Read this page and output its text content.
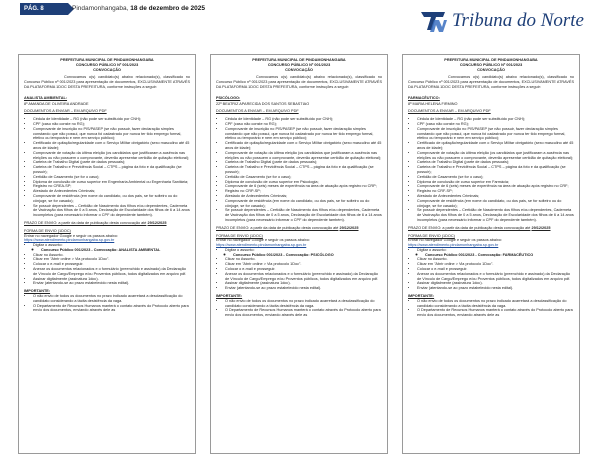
PÁG. 8	Pindamonhangaba, 18 de dezembro de 2025
Tribuna do Norte

PREFEITURA MUNICIPAL DE PINDAMONHANGABA

CONCURSO PÚBLICO Nº 001/2023

CONVOCAÇÃO

Convocamos o(s) candidato(s) abaixo relacionado(s), classificado no Concurso Público nº 001/2023 para apresentação de documentos, EXCLUSIVAMENTE ATRAVÉS DA PLATAFORMA 1DOC DESTA PREFEITURA, conforme instruções a seguir:

ANALISTA AMBIENTAL:

8º AMANDA DE OLIVEIRA ANDRADE

DOCUMENTOS A ENVIAR – EM ARQUIVO PDF

• Cédula de Identidade – RG (não pode ser substituído por CNH);
• CPF (caso não conste no RG);
• Comprovante de inscrição no PIS/PASEP (se não possuir, fazer declaração simples constando que não possui, que nunca foi cadastrado por nunca ter tido emprego formal, efetivo ou temporário e nem em serviço público);
• Certificado de quitação/regularidade com o Serviço Militar obrigatório (sexo masculino até 45 anos de idade);
• Comprovante de votação da última eleição (os candidatos que justificaram a ausência nas eleições ou não possuem o comprovante, deverão apresentar certidão de quitação eleitoral);
• Carteira de Trabalho Digital (parte de dados pessoais);
• Carteira de Trabalho e Previdência Social – CTPS – página da foto e da qualificação (se possuir);
• Certidão de Casamento (se for o caso);
• Diploma de conclusão de curso superior em Engenharia Ambiental ou Engenharia Sanitária;
• Registro no CREA-SP;
• Atestado de Antecedentes Criminais;
• Comprovante de residência (em nome do candidato, ou dos pais, se for solteiro ou do cônjuge, se for casado);
• Se possuir dependentes – Certidão de Nascimento dos filhos e/ou dependentes, Caderneta de Vacinação dos filhos de 0 a 5 anos, Declaração de Escolaridade dos filhos de 6 a 14 anos incompletos (para necessário informar o CPF do dependente também).

PRAZO DE ENVIO: a partir da data de publicação desta convocação até 29/12/2025

FORMA DE ENVIO (1DOC)

Entrar no navegador Google e seguir os passos abaixo:

https://www.atendimento.pindamonhangaba.sp.gov.br

• Digitar o assunto:
◦ Concurso Público 001/2023 - Convocação: ANALISTA AMBIENTAL
• Clicar no Assunto.
• Clicar em "Abrir online > Via protocolo 1Doc".
• Colocar o e-mail e prosseguir.
• Anexar os documentos relacionados e o formulário (preenchido e assinado) da Declaração de Vínculo de Cargo/Emprego e/ou Proventos públicos, todos digitalizados em arquivo pdf.
• Assinar digitalmente (assinatura 1doc).
• Enviar (atentando-se ao prazo estabelecido nesta edital).

IMPORTANTE:

• O não envio de todos os documentos no prazo indicado acarretará a desclassificação do candidato considerando a tácita desistência da vaga.
• O Departamento de Recursos Humanos manterá o contato através do Protocolo aberto para envio dos documentos, enviando através dele as

PREFEITURA MUNICIPAL DE PINDAMONHANGABA

CONCURSO PÚBLICO Nº 001/2023

CONVOCAÇÃO

Convocamos o(s) candidato(s) abaixo relacionado(s), classificado no Concurso Público nº 001/2023 para apresentação de documentos, EXCLUSIVAMENTE ATRAVÉS DA PLATAFORMA 1DOC DESTA PREFEITURA, conforme instruções a seguir:

PSICÓLOGO:

22º BEATRIZ APARECIDA DOS SANTOS SEBASTIAO

DOCUMENTOS A ENVIAR – EM ARQUIVO PDF

• Cédula de Identidade – RG (não pode ser substituído por CNH);
• CPF (caso não conste no RG);
• Comprovante de inscrição no PIS/PASEP (se não possuir, fazer declaração simples constando que não possui, que nunca foi cadastrado por nunca ter tido emprego formal, efetivo ou temporário e nem em serviço público);
• Certificado de quitação/regularidade com o Serviço Militar obrigatório (sexo masculino até 45 anos de idade);
• Comprovante de votação da última eleição (os candidatos que justificaram a ausência nas eleições ou não possuem o comprovante, deverão apresentar certidão de quitação eleitoral);
• Carteira de Trabalho Digital (parte de dados pessoais);
• Carteira de Trabalho e Previdência Social – CTPS – página da foto e da qualificação (se possuir);
• Certidão de Casamento (se for o caso);
• Diploma de conclusão de curso superior em Psicologia;
• Comprovante de 6 (seis) meses de experiência na área de atuação após registro no CRP;
• Registro no CRP-SP;
• Atestado de Antecedentes Criminais;
• Comprovante de residência (em nome do candidato, ou dos pais, se for solteiro ou do cônjuge, se for casado);
• Se possuir dependentes – Certidão de Nascimento dos filhos e/ou dependentes, Caderneta de Vacinação dos filhos de 0 a 5 anos, Declaração de Escolaridade dos filhos de 6 a 14 anos incompletos (para necessário informar o CPF do dependente também).

PRAZO DE ENVIO: a partir da data de publicação desta convocação até 29/12/2025

FORMA DE ENVIO (1DOC)

Entrar no navegador Google e seguir os passos abaixo:

https://www.atendimento.pindamonhangaba.sp.gov.br

• Digitar o assunto:
◦ Concurso Público 001/2023 - Convocação: PSICÓLOGO
• Clicar no Assunto.
• Clicar em "Abrir online > Via protocolo 1Doc".
• Colocar o e-mail e prosseguir.
• Anexar os documentos relacionados e o formulário (preenchido e assinado) da Declaração de Vínculo de Cargo/Emprego e/ou Proventos públicos, todos digitalizados em arquivo pdf.
• Assinar digitalmente (assinatura 1doc).
• Enviar (atentando-se ao prazo estabelecido nesta edital).

IMPORTANTE:

• O não envio de todos os documentos no prazo indicado acarretará a desclassificação do candidato considerando a tácita desistência da vaga.
• O Departamento de Recursos Humanos manterá o contato através do Protocolo aberto para envio dos documentos, enviando através dele as

PREFEITURA MUNICIPAL DE PINDAMONHANGABA

CONCURSO PÚBLICO Nº 001/2023

CONVOCAÇÃO

Convocamos o(s) candidato(s) abaixo relacionado(s), classificado no Concurso Público nº 001/2023 para apresentação de documentos, EXCLUSIVAMENTE ATRAVÉS DA PLATAFORMA 1DOC DESTA PREFEITURA, conforme instruções a seguir:

FARMACÊUTICO:

8º MARIA HELENA FIRMINO

DOCUMENTOS A ENVIAR – EM ARQUIVO PDF

• Cédula de Identidade – RG (não pode ser substituído por CNH);
• CPF (caso não conste no RG);
• Comprovante de inscrição no PIS/PASEP (se não possuir, fazer declaração simples constando que não possui, que nunca foi cadastrado por nunca ter tido emprego formal, efetivo ou temporário e nem em serviço público);
• Certificado de quitação/regularidade com o Serviço Militar obrigatório (sexo masculino até 45 anos de idade);
• Comprovante de votação da última eleição (os candidatos que justificaram a ausência nas eleições ou não possuem o comprovante, deverão apresentar certidão de quitação eleitoral);
• Carteira de Trabalho Digital (parte de dados pessoais);
• Carteira de Trabalho e Previdência Social – CTPS – página da foto e da qualificação (se possuir);
• Certidão de Casamento (se for o caso);
• Diploma de conclusão de curso superior em Farmácia;
• Comprovante de 6 (seis) meses de experiência na área de atuação após registro no CRF;
• Registro no CRF-SP;
• Atestado de Antecedentes Criminais;
• Comprovante de residência (em nome do candidato, ou dos pais, se for solteiro ou do cônjuge, se for casado);
• Se possuir dependentes – Certidão de Nascimento dos filhos e/ou dependentes, Caderneta de Vacinação dos filhos de 0 a 5 anos, Declaração de Escolaridade dos filhos de 6 a 14 anos incompletos (para necessário informar o CPF do dependente também).

PRAZO DE ENVIO: a partir da data de publicação desta convocação até 29/12/2025

FORMA DE ENVIO (1DOC)

Entrar no navegador Google e seguir os passos abaixo:

https://www.atendimento.pindamonhangaba.sp.gov.br

• Digitar o assunto:
◦ Concurso Público 001/2023 - Convocação: FARMACÊUTICO
• Clicar no Assunto.
• Clicar em "Abrir online > Via protocolo 1Doc".
• Colocar o e-mail e prosseguir.
• Anexar os documentos relacionados e o formulário (preenchido e assinado) da Declaração de Vínculo de Cargo/Emprego e/ou Proventos públicos, todos digitalizados em arquivo pdf.
• Assinar digitalmente (assinatura 1doc).
• Enviar (atentando-se ao prazo estabelecido nesta edital).

IMPORTANTE:

• O não envio de todos os documentos no prazo indicado acarretará a desclassificação do candidato considerando a tácita desistência da vaga.
• O Departamento de Recursos Humanos manterá o contato através do Protocolo aberto para envio dos documentos, enviando através dele as
